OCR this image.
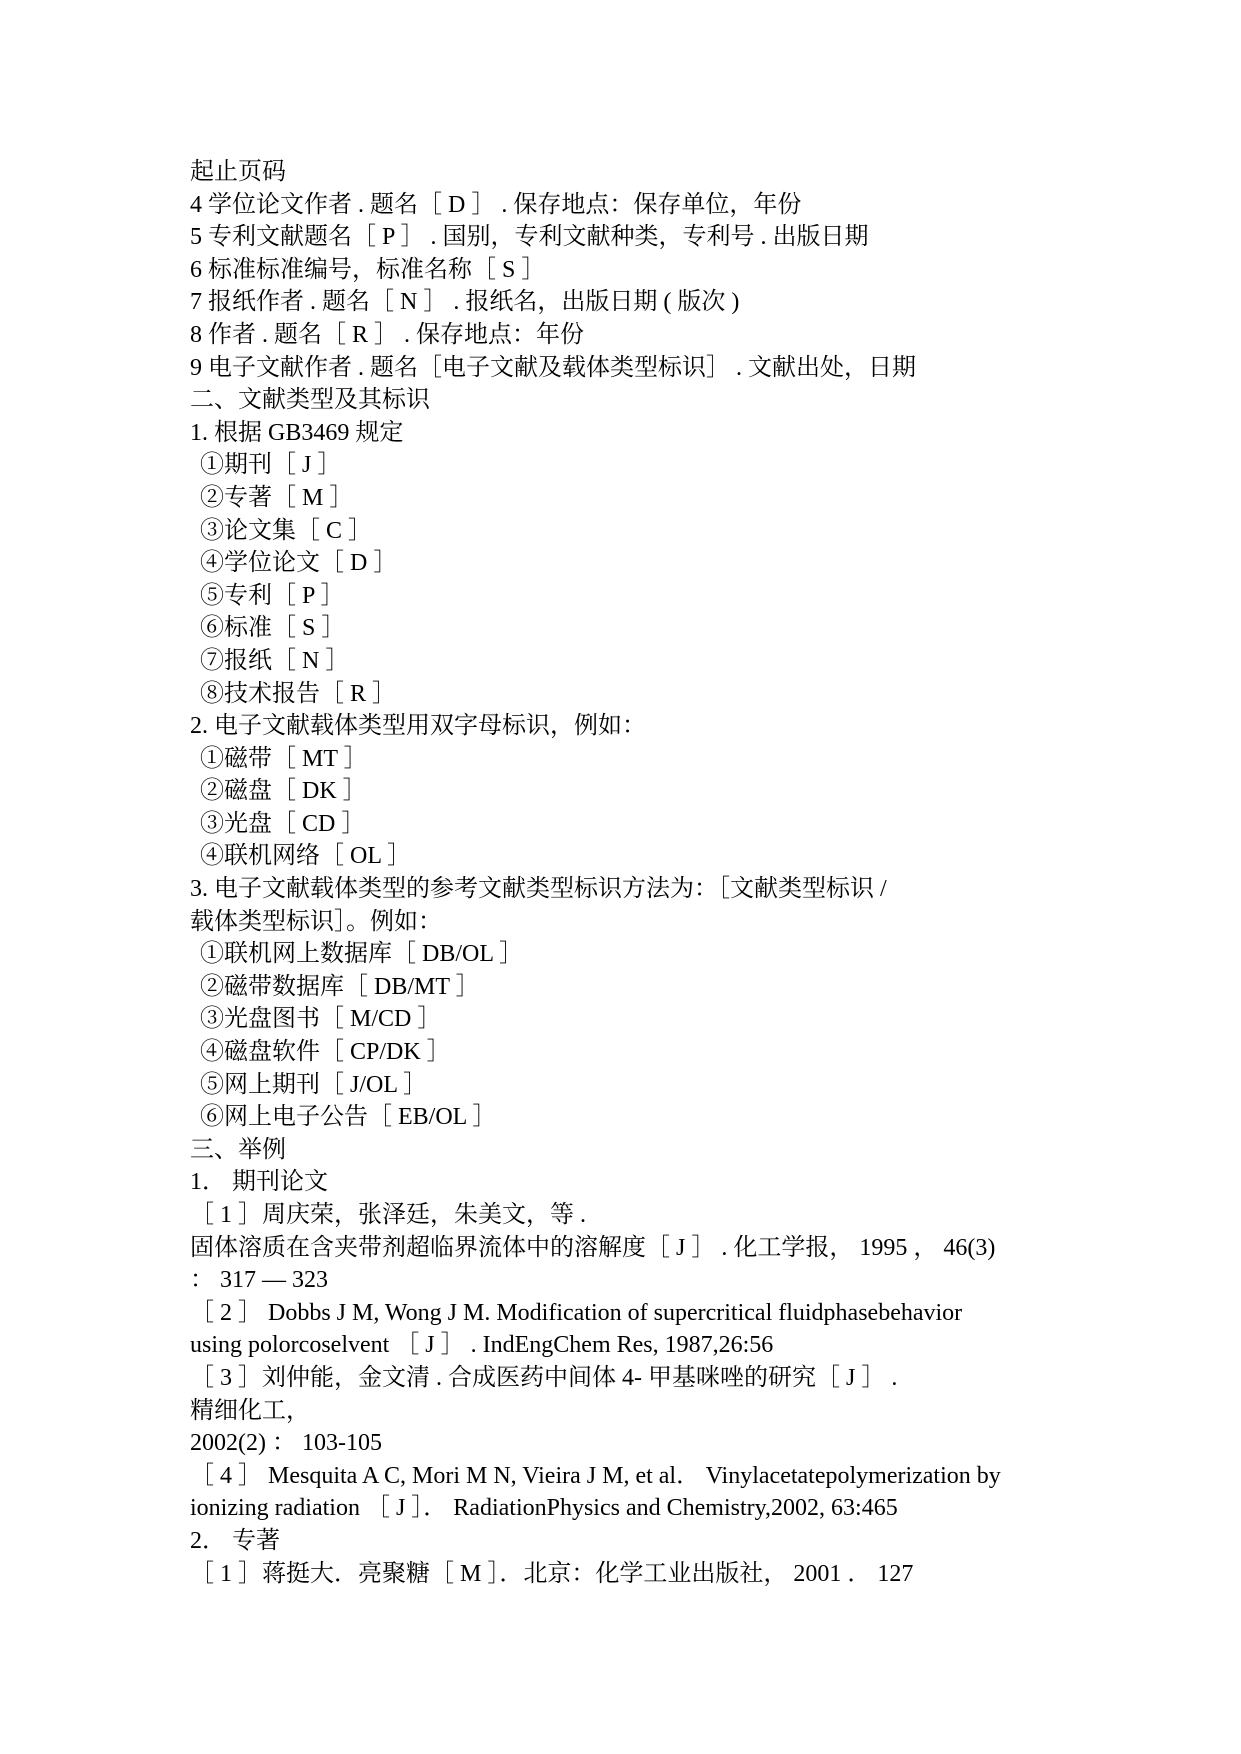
起止页码
4 学位论文作者 . 题名［ D ］ . 保存地点：保存单位，年份
5 专利文献题名［ P ］ . 国别，专利文献种类，专利号 . 出版日期
6 标准标准编号，标准名称［ S ］
7 报纸作者 . 题名［ N ］ . 报纸名，出版日期 ( 版次 )
8 作者 . 题名［ R ］ . 保存地点：年份
9 电子文献作者 . 题名［电子文献及载体类型标识］ . 文献出处，日期
二、文献类型及其标识
1. 根据 GB3469 规定
①期刊［ J ］
②专著［ M ］
③论文集［ C ］
④学位论文［ D ］
⑤专利［ P ］
⑥标准［ S ］
⑦报纸［ N ］
⑧技术报告［ R ］
2. 电子文献载体类型用双字母标识，例如：
①磁带［ MT ］
②磁盘［ DK ］
③光盘［ CD ］
④联机网络［ OL ］
3. 电子文献载体类型的参考文献类型标识方法为：［文献类型标识 /
载体类型标识］。例如：
①联机网上数据库［ DB/OL ］
②磁带数据库［ DB/MT ］
③光盘图书［ M/CD ］
④磁盘软件［ CP/DK ］
⑤网上期刊［ J/OL ］
⑥网上电子公告［ EB/OL ］
三、举例
1． 期刊论文
［ 1 ］周庆荣，张泽廷，朱美文，等 .
固体溶质在含夹带剂超临界流体中的溶解度［ J ］ . 化工学报， 1995 ， 46(3)
： 317 — 323
［ 2 ］ Dobbs J M, Wong J M. Modification of supercritical fluidphasebehavior
using polorcoselvent ［ J ］ . IndEngChem Res, 1987,26:56
［ 3 ］刘仲能，金文清 . 合成医药中间体 4- 甲基咪唑的研究［ J ］ .
精细化工，
2002(2) ： 103-105
［ 4 ］ Mesquita A C, Mori M N, Vieira J M, et al． Vinylacetatepolymerization by
ionizing radiation ［ J ］． RadiationPhysics and Chemistry,2002, 63:465
2． 专著
［ 1 ］蒋挺大．亮聚糖［ M ］．北京：化学工业出版社， 2001 ． 127
